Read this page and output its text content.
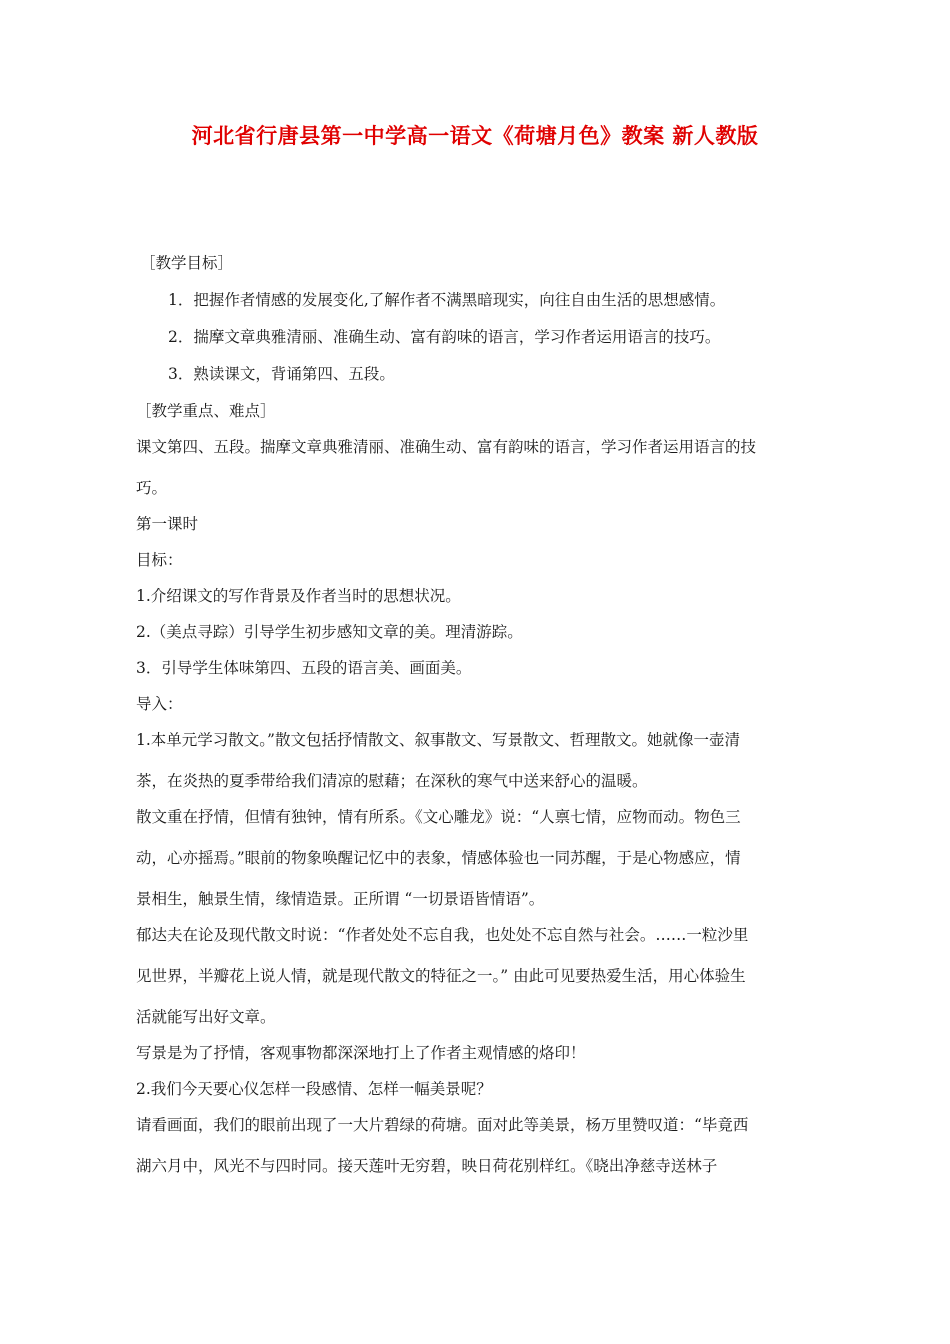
河北省行唐县第一中学高一语文《荷塘月色》教案 新人教版
［教学目标］
1．把握作者情感的发展变化,了解作者不满黑暗现实，向往自由生活的思想感情。
2．揣摩文章典雅清丽、准确生动、富有韵味的语言，学习作者运用语言的技巧。
3．熟读课文，背诵第四、五段。
［教学重点、难点］
课文第四、五段。揣摩文章典雅清丽、准确生动、富有韵味的语言，学习作者运用语言的技
巧。
第一课时
目标：
1.介绍课文的写作背景及作者当时的思想状况。
2.（美点寻踪）引导学生初步感知文章的美。理清游踪。
3．引导学生体味第四、五段的语言美、画面美。
导入：
1.本单元学习散文。”散文包括抒情散文、叙事散文、写景散文、哲理散文。她就像一壶清
茶，在炎热的夏季带给我们清凉的慰藉；在深秋的寒气中送来舒心的温暖。
散文重在抒情，但情有独钟，情有所系。《文心雕龙》说：“人禀七情，应物而动。物色三
动，心亦摇焉。”眼前的物象唤醒记忆中的表象，情感体验也一同苏醒，于是心物感应，情
景相生，触景生情，缘情造景。正所谓 “一切景语皆情语”。
郁达夫在论及现代散文时说：“作者处处不忘自我，也处处不忘自然与社会。……一粒沙里
见世界，半瓣花上说人情，就是现代散文的特征之一。” 由此可见要热爱生活，用心体验生
活就能写出好文章。
写景是为了抒情，客观事物都深深地打上了作者主观情感的烙印！
2.我们今天要心仪怎样一段感情、怎样一幅美景呢？
请看画面，我们的眼前出现了一大片碧绿的荷塘。面对此等美景，杨万里赞叹道：“毕竟西
湖六月中，风光不与四时同。接天莲叶无穷碧，映日荷花别样红。《晓出净慈寺送林子
